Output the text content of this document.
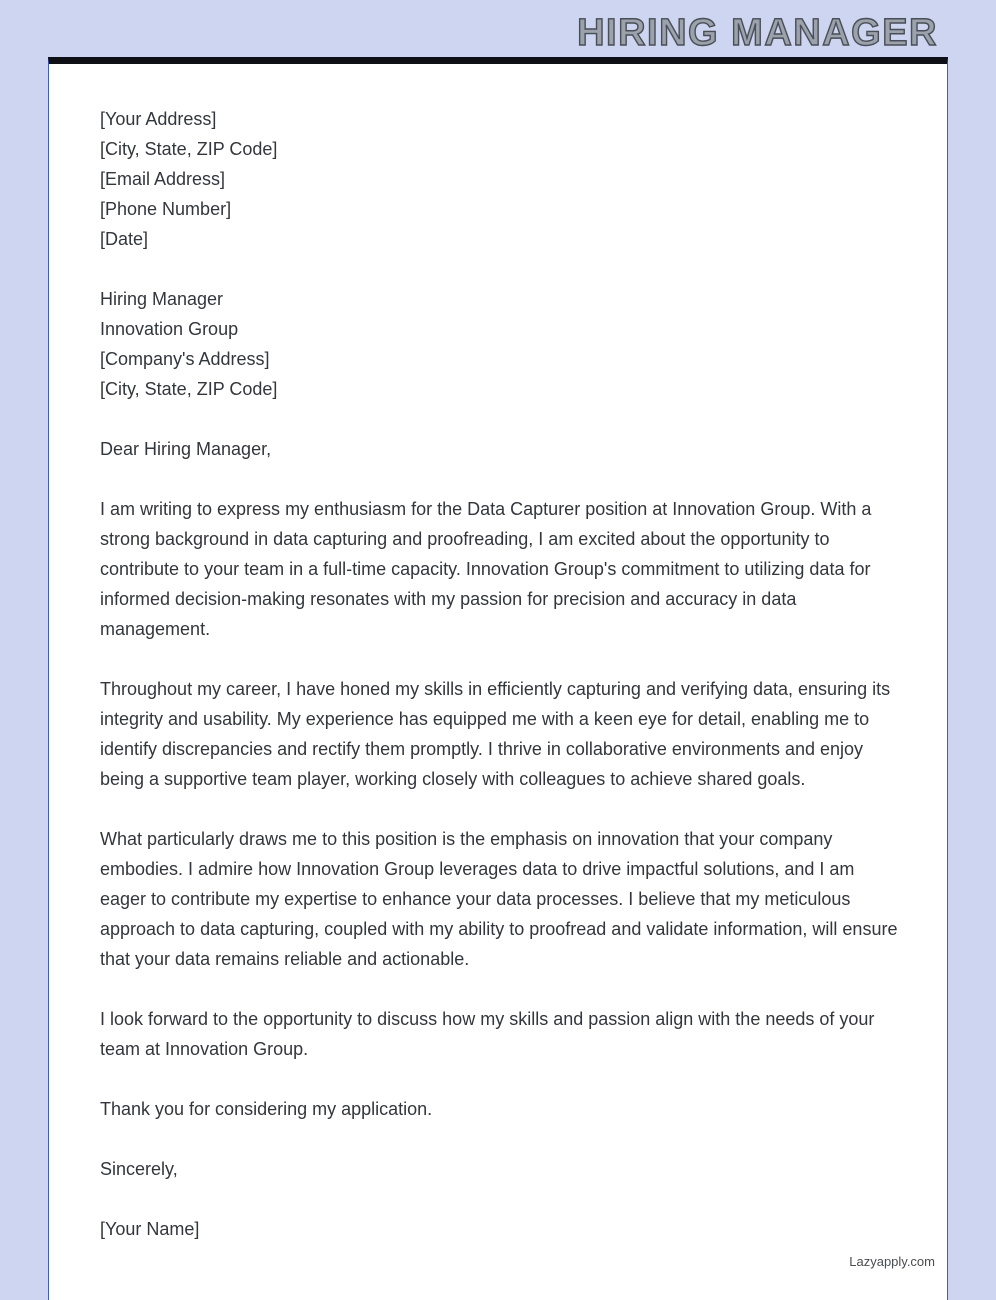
HIRING MANAGER
[Your Address]
[City, State, ZIP Code]
[Email Address]
[Phone Number]
[Date]
Hiring Manager
Innovation Group
[Company's Address]
[City, State, ZIP Code]
Dear Hiring Manager,

I am writing to express my enthusiasm for the Data Capturer position at Innovation Group. With a strong background in data capturing and proofreading, I am excited about the opportunity to contribute to your team in a full-time capacity. Innovation Group's commitment to utilizing data for informed decision-making resonates with my passion for precision and accuracy in data management.

Throughout my career, I have honed my skills in efficiently capturing and verifying data, ensuring its integrity and usability. My experience has equipped me with a keen eye for detail, enabling me to identify discrepancies and rectify them promptly. I thrive in collaborative environments and enjoy being a supportive team player, working closely with colleagues to achieve shared goals.

What particularly draws me to this position is the emphasis on innovation that your company embodies. I admire how Innovation Group leverages data to drive impactful solutions, and I am eager to contribute my expertise to enhance your data processes. I believe that my meticulous approach to data capturing, coupled with my ability to proofread and validate information, will ensure that your data remains reliable and actionable.

I look forward to the opportunity to discuss how my skills and passion align with the needs of your team at Innovation Group.

Thank you for considering my application.

Sincerely,
[Your Name]
Lazyapply.com
